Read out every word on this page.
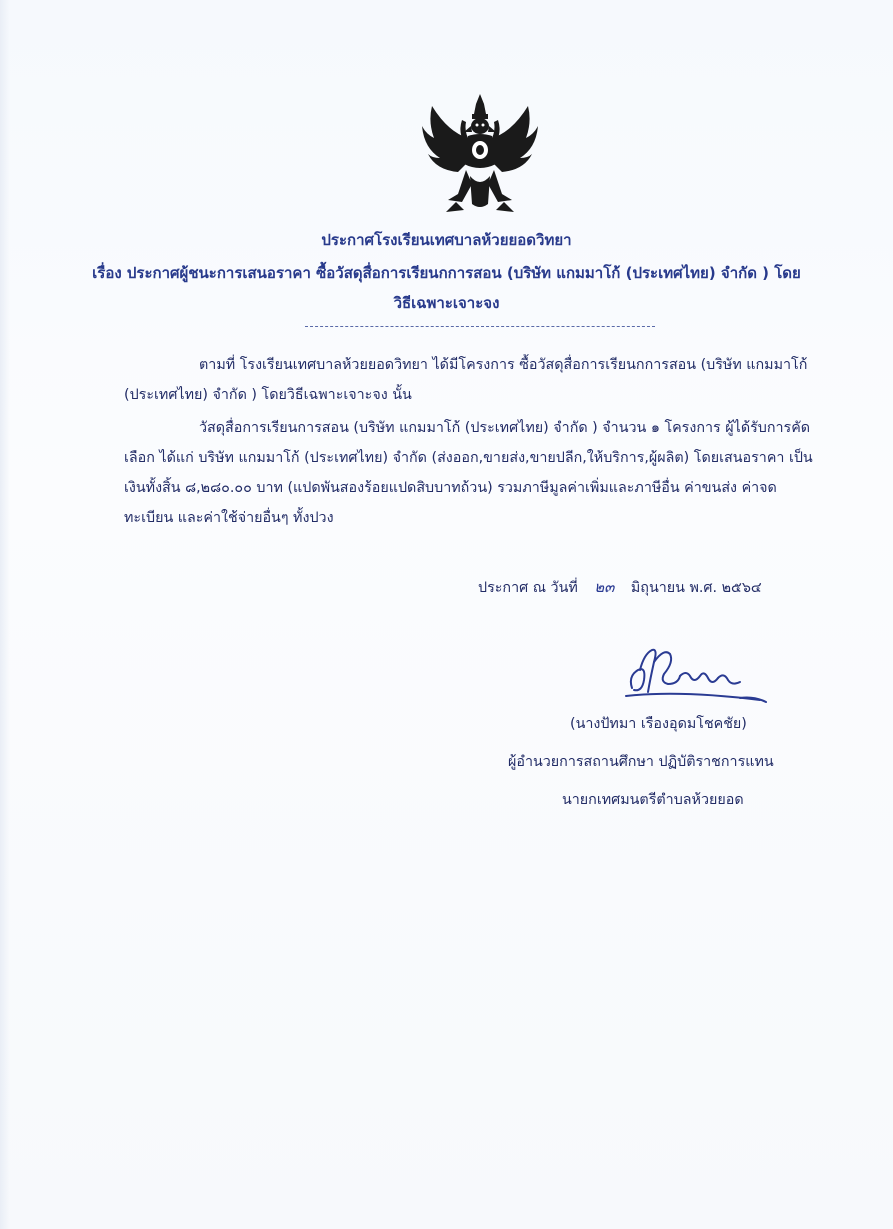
ประกาศโรงเรียนเทศบาลห้วยยอดวิทยา
เรื่อง ประกาศผู้ชนะการเสนอราคา ซื้อวัสดุสื่อการเรียนกการสอน (บริษัท แกมมาโก้ (ประเทศไทย) จำกัด ) โดย
วิธีเฉพาะเจาะจง
ตามที่ โรงเรียนเทศบาลห้วยยอดวิทยา ได้มีโครงการ ซื้อวัสดุสื่อการเรียนกการสอน (บริษัท แกมมาโก้
(ประเทศไทย) จำกัด ) โดยวิธีเฉพาะเจาะจง นั้น
วัสดุสื่อการเรียนการสอน (บริษัท แกมมาโก้ (ประเทศไทย) จำกัด ) จำนวน ๑ โครงการ ผู้ได้รับการคัด
เลือก ได้แก่ บริษัท แกมมาโก้ (ประเทศไทย) จำกัด (ส่งออก,ขายส่ง,ขายปลีก,ให้บริการ,ผู้ผลิต) โดยเสนอราคา เป็น
เงินทั้งสิ้น ๘,๒๘๐.๐๐ บาท (แปดพันสองร้อยแปดสิบบาทถ้วน) รวมภาษีมูลค่าเพิ่มและภาษีอื่น ค่าขนส่ง ค่าจด
ทะเบียน และค่าใช้จ่ายอื่นๆ ทั้งปวง
ประกาศ ณ วันที่ ๒๓ มิถุนายน พ.ศ. ๒๕๖๔
(นางปัทมา เรืองอุดมโชคชัย)
ผู้อำนวยการสถานศึกษา ปฏิบัติราชการแทน
นายกเทศมนตรีตำบลห้วยยอด
